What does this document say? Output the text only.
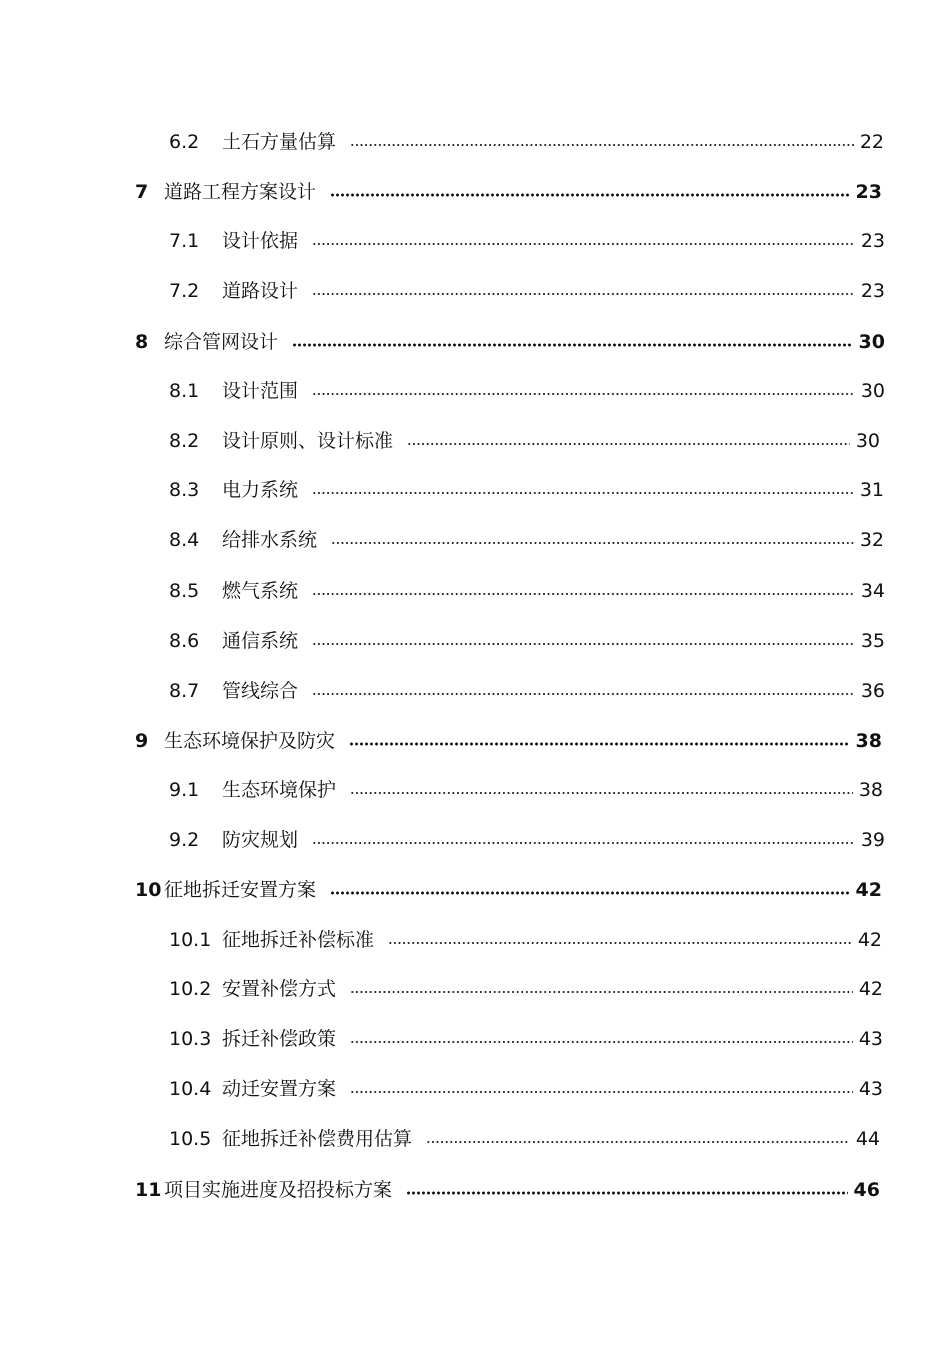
6.2	土石方量估算	22
7 道路工程方案设计	23
7.1	设计依据	23
7.2	道路设计	23
8 综合管网设计	30
8.1	设计范围	30
8.2	设计原则、设计标准	30
8.3	电力系统	31
8.4	给排水系统	32
8.5	燃气系统	34
8.6	通信系统	35
8.7	管线综合	36
9 生态环境保护及防灾	38
9.1	生态环境保护	38
9.2	防灾规划	39
10 征地拆迁安置方案	42
10.1 征地拆迁补偿标准	42
10.2 安置补偿方式	42
10.3 拆迁补偿政策	43
10.4 动迁安置方案	43
10.5 征地拆迁补偿费用估算	44
11 项目实施进度及招投标方案	46
